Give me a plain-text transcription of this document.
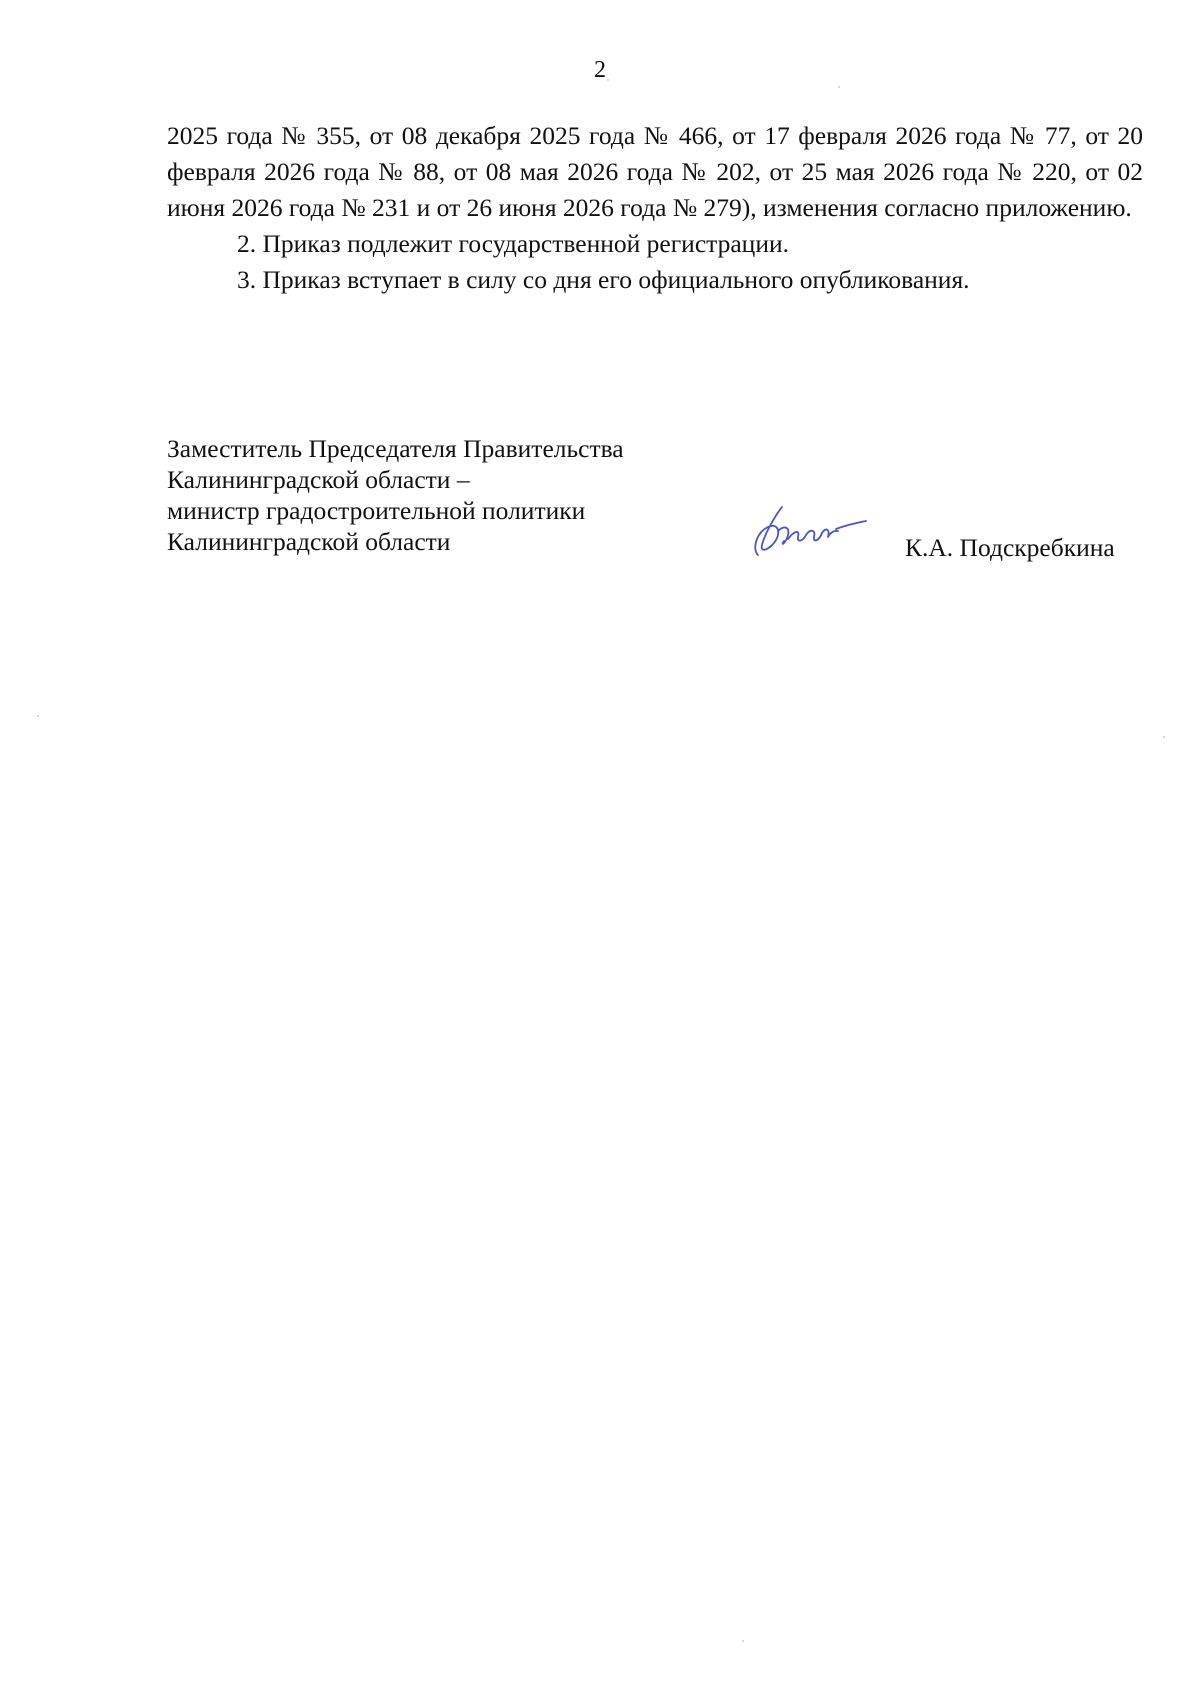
2

2025 года № 355, от 08 декабря 2025 года № 466, от 17 февраля 2026 года № 77, от 20 февраля 2026 года № 88, от 08 мая 2026 года № 202, от 25 мая 2026 года № 220, от 02 июня 2026 года № 231 и от 26 июня 2026 года № 279), изменения согласно приложению.

2. Приказ подлежит государственной регистрации.

3. Приказ вступает в силу со дня его официального опубликования.

Заместитель Председателя Правительства
Калининградской области –
министр градостроительной политики
Калининградской области	К.А. Подскребкина
